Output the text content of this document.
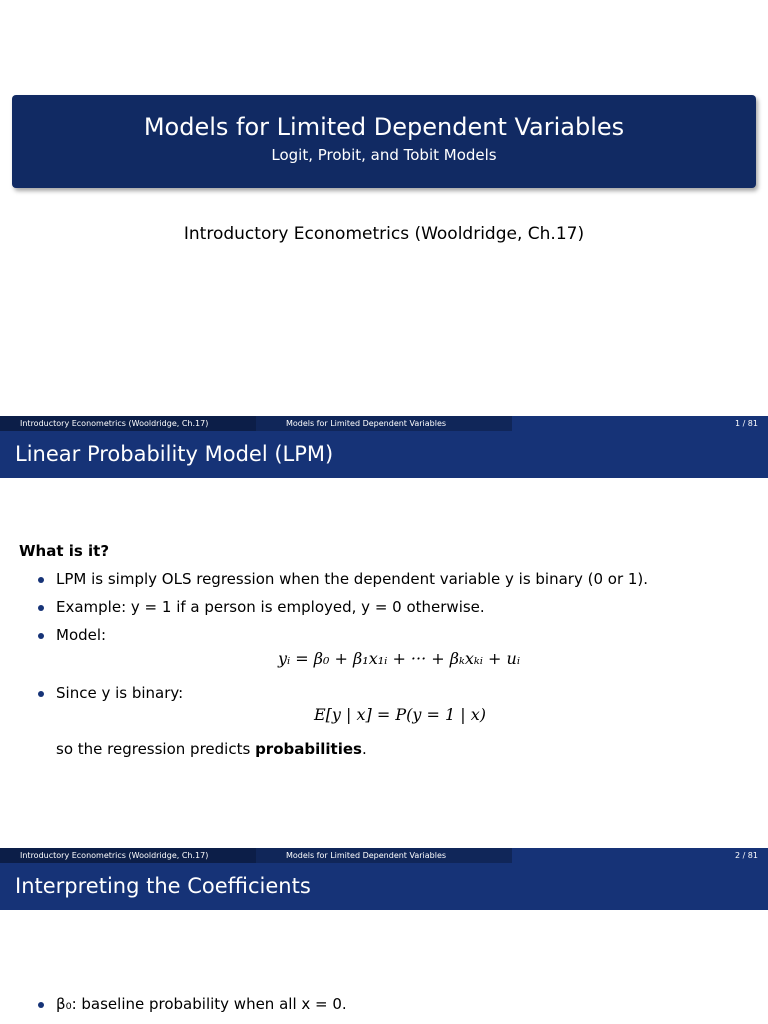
Models for Limited Dependent Variables
Logit, Probit, and Tobit Models
Introductory Econometrics (Wooldridge, Ch.17)
Introductory Econometrics (Wooldridge, Ch.17)	Models for Limited Dependent Variables	1 / 81
Linear Probability Model (LPM)
What is it?
LPM is simply OLS regression when the dependent variable y is binary (0 or 1).
Example: y = 1 if a person is employed, y = 0 otherwise.
Model:
yᵢ = β₀ + β₁x₁ᵢ + ··· + βₖxₖᵢ + uᵢ
Since y is binary:
E[y | x] = P(y = 1 | x)
so the regression predicts probabilities.
Introductory Econometrics (Wooldridge, Ch.17)	Models for Limited Dependent Variables	2 / 81
Interpreting the Coefficients
β₀: baseline probability when all x = 0.
